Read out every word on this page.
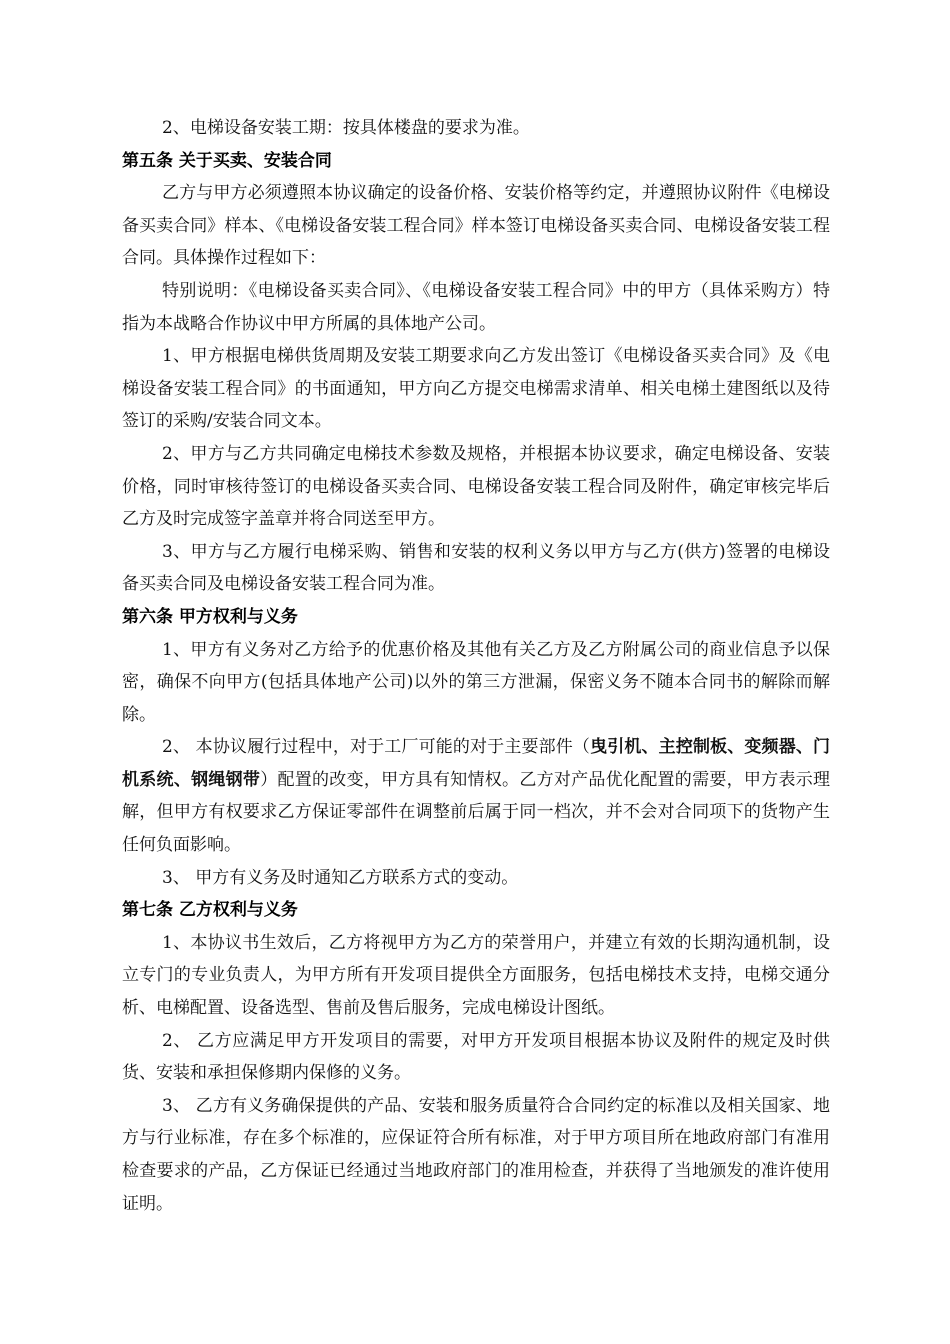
2、电梯设备安装工期：按具体楼盘的要求为准。

第五条 关于买卖、安装合同

乙方与甲方必须遵照本协议确定的设备价格、安装价格等约定，并遵照协议附件《电梯设备买卖合同》样本、《电梯设备安装工程合同》样本签订电梯设备买卖合同、电梯设备安装工程合同。具体操作过程如下：

特别说明：《电梯设备买卖合同》、《电梯设备安装工程合同》中的甲方（具体采购方）特指为本战略合作协议中甲方所属的具体地产公司。

1、甲方根据电梯供货周期及安装工期要求向乙方发出签订《电梯设备买卖合同》及《电梯设备安装工程合同》的书面通知，甲方向乙方提交电梯需求清单、相关电梯土建图纸以及待签订的采购/安装合同文本。

2、甲方与乙方共同确定电梯技术参数及规格，并根据本协议要求，确定电梯设备、安装价格，同时审核待签订的电梯设备买卖合同、电梯设备安装工程合同及附件，确定审核完毕后乙方及时完成签字盖章并将合同送至甲方。

3、甲方与乙方履行电梯采购、销售和安装的权利义务以甲方与乙方(供方)签署的电梯设备买卖合同及电梯设备安装工程合同为准。

第六条 甲方权利与义务

1、甲方有义务对乙方给予的优惠价格及其他有关乙方及乙方附属公司的商业信息予以保密，确保不向甲方(包括具体地产公司)以外的第三方泄漏，保密义务不随本合同书的解除而解除。

2、 本协议履行过程中，对于工厂可能的对于主要部件（曳引机、主控制板、变频器、门机系统、钢绳钢带）配置的改变，甲方具有知情权。乙方对产品优化配置的需要，甲方表示理解，但甲方有权要求乙方保证零部件在调整前后属于同一档次，并不会对合同项下的货物产生任何负面影响。

3、 甲方有义务及时通知乙方联系方式的变动。

第七条 乙方权利与义务

1、本协议书生效后，乙方将视甲方为乙方的荣誉用户，并建立有效的长期沟通机制，设立专门的专业负责人，为甲方所有开发项目提供全方面服务，包括电梯技术支持，电梯交通分析、电梯配置、设备选型、售前及售后服务，完成电梯设计图纸。

2、 乙方应满足甲方开发项目的需要，对甲方开发项目根据本协议及附件的规定及时供货、安装和承担保修期内保修的义务。

3、 乙方有义务确保提供的产品、安装和服务质量符合合同约定的标准以及相关国家、地方与行业标准，存在多个标准的，应保证符合所有标准，对于甲方项目所在地政府部门有准用检查要求的产品，乙方保证已经通过当地政府部门的准用检查，并获得了当地颁发的准许使用证明。
